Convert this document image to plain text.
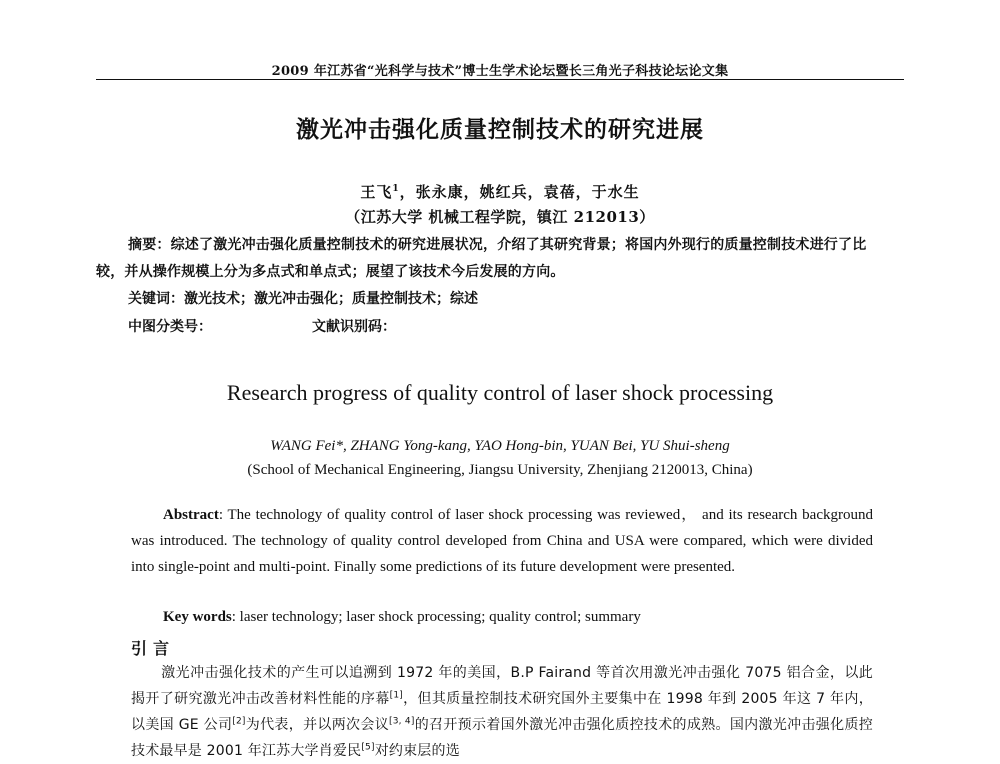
2009 年江苏省“光科学与技术”博士生学术论坛暨长三角光子科技论坛论文集
激光冲击强化质量控制技术的研究进展
王飞$^1$，张永康，姚红兵，袁蓓，于水生
（江苏大学 机械工程学院，镇江 212013）
摘要：综述了激光冲击强化质量控制技术的研究进展状况，介绍了其研究背景；将国内外现行的质量控制技术进行了比较，并从操作规模上分为多点式和单点式；展望了该技术今后发展的方向。
关键词：激光技术；激光冲击强化；质量控制技术；综述
中图分类号：	文献识别码：
Research progress of quality control of laser shock processing
WANG Fei*, ZHANG Yong-kang, YAO Hong-bin, YUAN Bei, YU Shui-sheng
(School of Mechanical Engineering, Jiangsu University, Zhenjiang 2120013, China)
Abstract: The technology of quality control of laser shock processing was reviewed， and its research background was introduced. The technology of quality control developed from China and USA were compared, which were divided into single-point and multi-point. Finally some predictions of its future development were presented.
Key words: laser technology; laser shock processing; quality control; summary
引言
激光冲击强化技术的产生可以追溯到 1972 年的美国，B.P Fairand 等首次用激光冲击强化 7075 铝合金，以此揭开了研究激光冲击改善材料性能的序幕[1]，但其质量控制技术研究国外主要集中在 1998 年到 2005 年这 7 年内，以美国 GE 公司[2]为代表，并以两次会议[3, 4]的召开预示着国外激光冲击强化质控技术的成熟。国内激光冲击强化质控技术最早是 2001 年江苏大学肖爱民[5]对约束层的选
